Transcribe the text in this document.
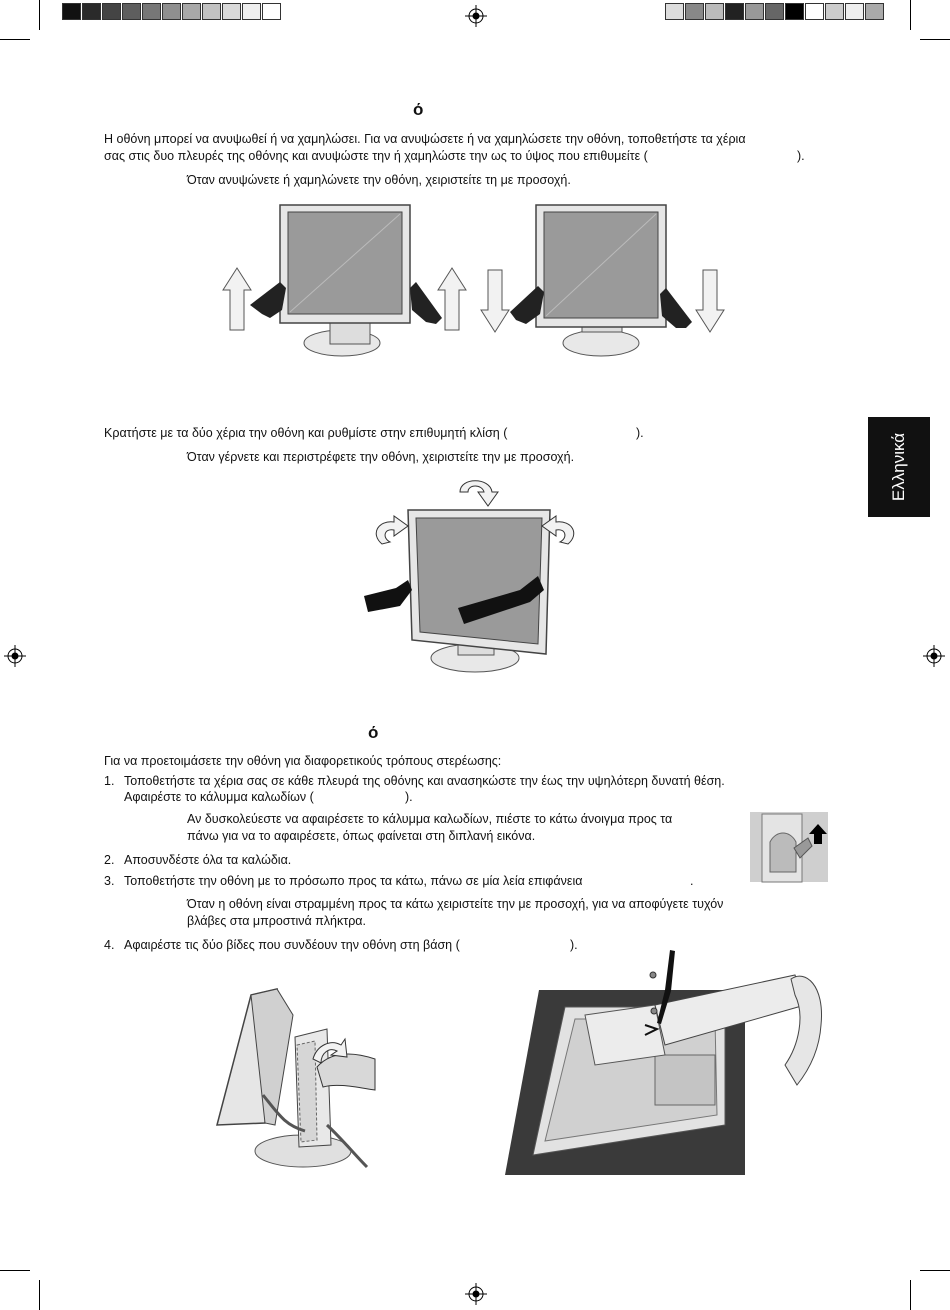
ό
Η οθόνη μπορεί να ανυψωθεί ή να χαμηλώσει. Για να ανυψώσετε ή να χαμηλώσετε την οθόνη, τοποθετήστε τα χέρια
σας στις δυο πλευρές της οθόνης και ανυψώστε την ή χαμηλώστε την ως το ύψος που επιθυμείτε (	).
Όταν ανυψώνετε ή χαμηλώνετε την οθόνη, χειριστείτε τη με προσοχή.
Κρατήστε με τα δύο χέρια την οθόνη και ρυθμίστε στην επιθυμητή κλίση (	).
Όταν γέρνετε και περιστρέφετε την οθόνη, χειριστείτε την με προσοχή.
ό
Για να προετοιμάσετε την οθόνη για διαφορετικούς τρόπους στερέωσης:
1. Τοποθετήστε τα χέρια σας σε κάθε πλευρά της οθόνης και ανασηκώστε την έως την υψηλότερη δυνατή θέση.
Αφαιρέστε το κάλυμμα καλωδίων (	).
Αν δυσκολεύεστε να αφαιρέσετε το κάλυμμα καλωδίων, πιέστε το κάτω άνοιγμα προς τα
πάνω για να το αφαιρέσετε, όπως φαίνεται στη διπλανή εικόνα.
2. Αποσυνδέστε όλα τα καλώδια.
3. Τοποθετήστε την οθόνη με το πρόσωπο προς τα κάτω, πάνω σε μία λεία επιφάνεια	.
Όταν η οθόνη είναι στραμμένη προς τα κάτω χειριστείτε την με προσοχή, για να αποφύγετε τυχόν
βλάβες στα μπροστινά πλήκτρα.
4. Αφαιρέστε τις δύο βίδες που συνδέουν την οθόνη στη βάση (	).
Ελληνικά
